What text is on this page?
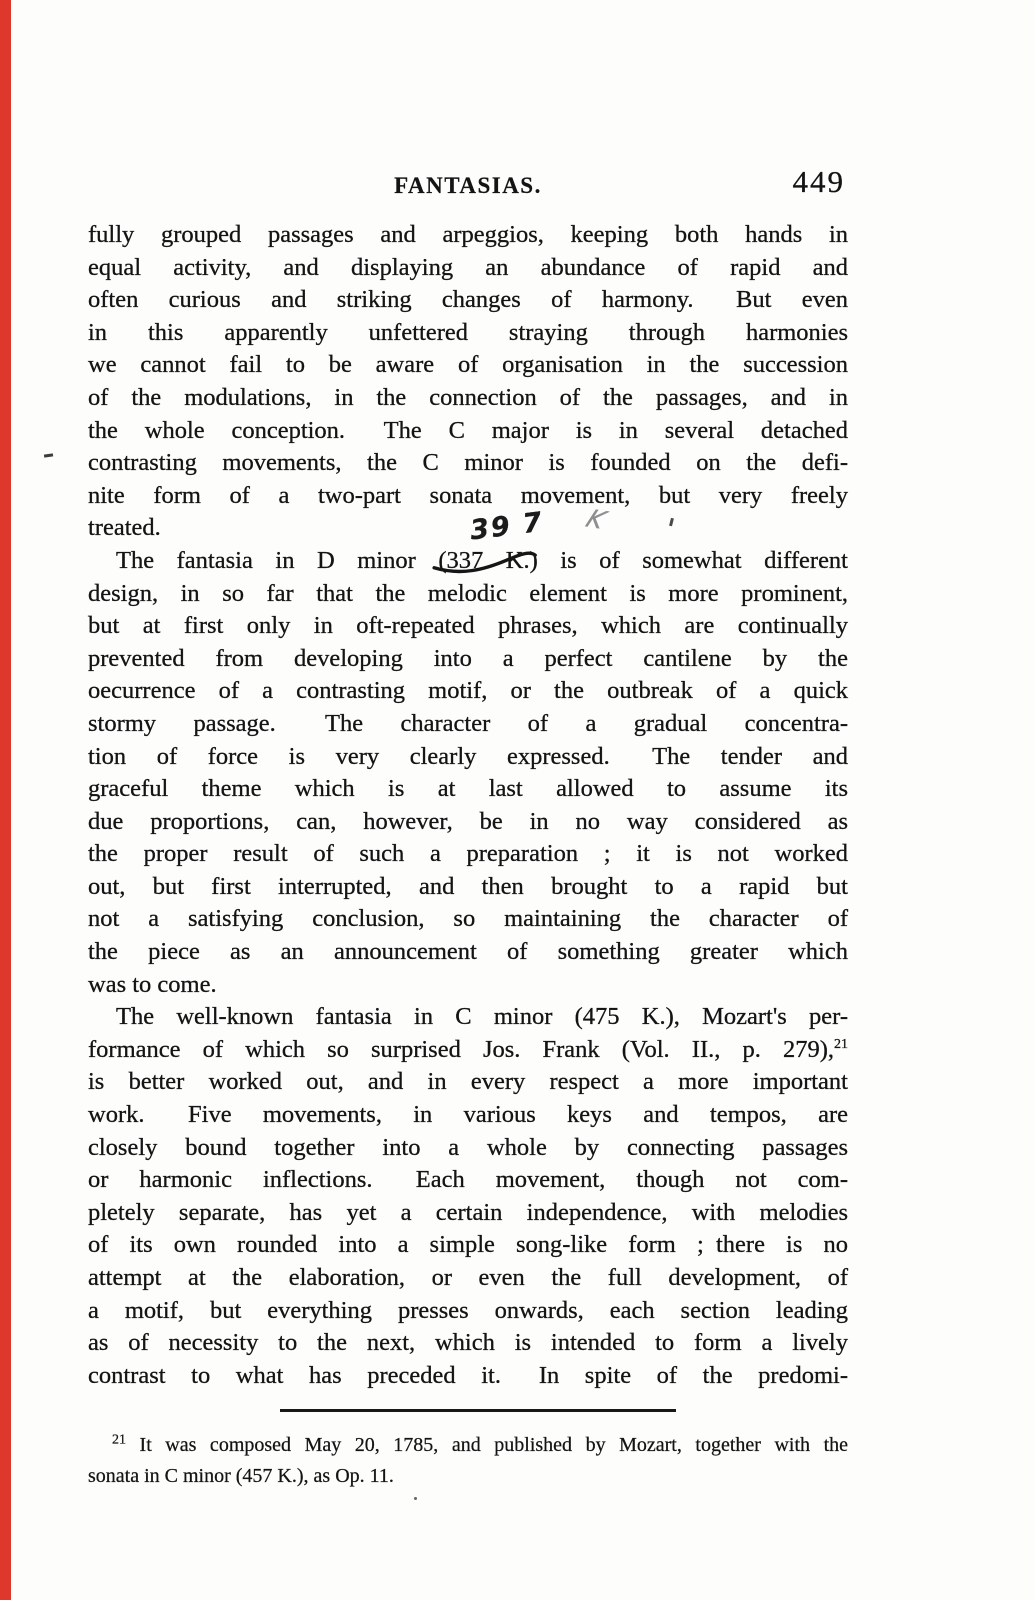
FANTASIAS.	449
fully grouped passages and arpeggios, keeping both hands in
equal activity, and displaying an abundance of rapid and
often curious and striking changes of harmony.  But even
in this apparently unfettered straying through harmonies
we cannot fail to be aware of organisation in the succession
of the modulations, in the connection of the passages, and in
the whole conception.  The C major is in several detached
contrasting movements, the C minor is founded on the defi-
nite form of a two-part sonata movement, but very freely
treated.
The fantasia in D minor (337 K.
39 7 K
) is of somewhat different
design, in so far that the melodic element is more prominent,
but at first only in oft-repeated phrases, which are continually
prevented from developing into a perfect cantilene by the
oecurrence of a contrasting motif, or the outbreak of a quick
stormy passage.  The character of a gradual concentra-
tion of force is very clearly expressed.  The tender and
graceful theme which is at last allowed to assume its
due proportions, can, however, be in no way considered as
the proper result of such a preparation ; it is not worked
out, but first interrupted, and then brought to a rapid but
not a satisfying conclusion, so maintaining the character of
the piece as an announcement of something greater which
was to come.
The well-known fantasia in C minor (475 K.), Mozart's per-
formance of which so surprised Jos. Frank (Vol. II., p. 279),$^{21}$
is better worked out, and in every respect a more important
work.  Five movements, in various keys and tempos, are
closely bound together into a whole by connecting passages
or harmonic inflections.  Each movement, though not com-
pletely separate, has yet a certain independence, with melodies
of its own rounded into a simple song-like form ; there is no
attempt at the elaboration, or even the full development, of
a motif, but everything presses onwards, each section leading
as of necessity to the next, which is intended to form a lively
contrast to what has preceded it.  In spite of the predomi-
$^{21}$ It was composed May 20, 1785, and published by Mozart, together with the
sonata in C minor (457 K.), as Op. 11.
